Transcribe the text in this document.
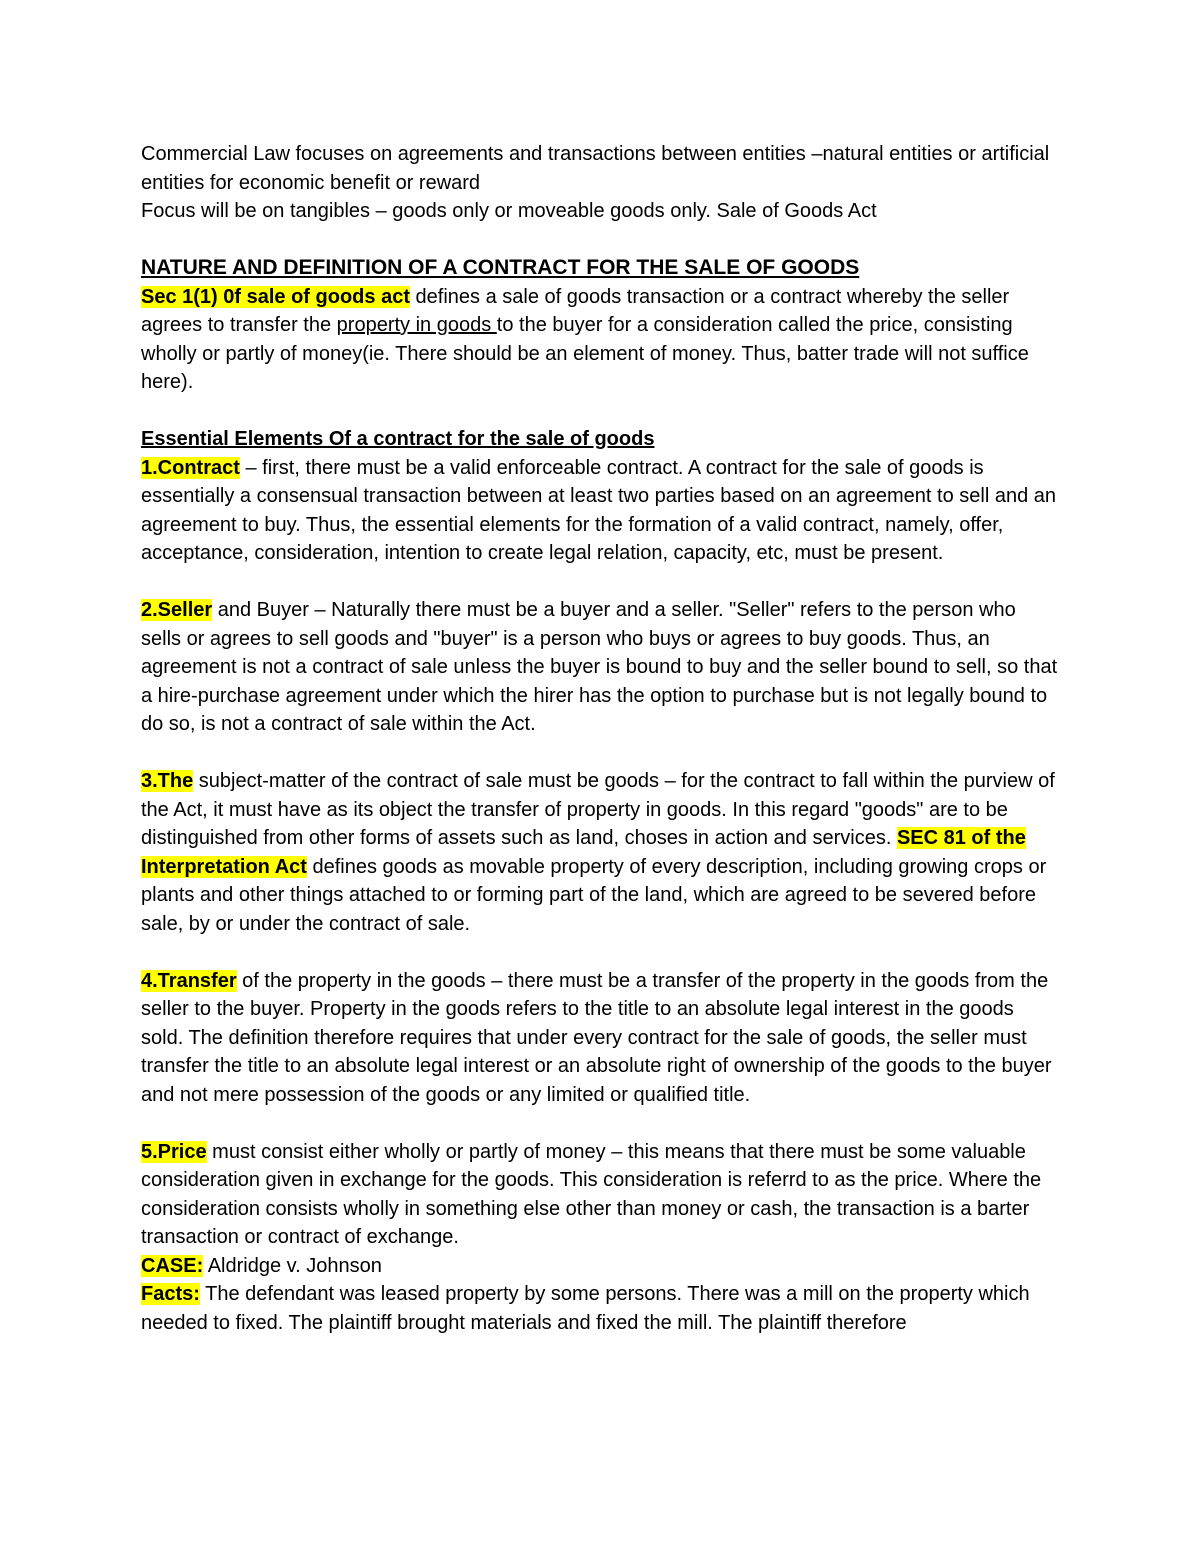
Commercial Law focuses on agreements and transactions between entities –natural entities or artificial entities for economic benefit or reward

Focus will be on tangibles – goods only or moveable goods only. Sale of Goods Act

NATURE AND DEFINITION OF A CONTRACT FOR THE SALE OF GOODS

Sec 1(1) 0f sale of goods act defines a sale of goods transaction or a contract whereby the seller agrees to transfer the property in goods to the buyer for a consideration called the price, consisting wholly or partly of money(ie. There should be an element of money. Thus, batter trade will not suffice here).

Essential Elements Of a contract for the sale of goods

1.Contract – first, there must be a valid enforceable contract. A contract for the sale of goods is essentially a consensual transaction between at least two parties based on an agreement to sell and an agreement to buy. Thus, the essential elements for the formation of a valid contract, namely, offer, acceptance, consideration, intention to create legal relation, capacity, etc, must be present.

2.Seller and Buyer – Naturally there must be a buyer and a seller. "Seller" refers to the person who sells or agrees to sell goods and "buyer" is a person who buys or agrees to buy goods. Thus, an agreement is not a contract of sale unless the buyer is bound to buy and the seller bound to sell, so that a hire-purchase agreement under which the hirer has the option to purchase but is not legally bound to do so, is not a contract of sale within the Act.

3.The subject-matter of the contract of sale must be goods – for the contract to fall within the purview of the Act, it must have as its object the transfer of property in goods. In this regard "goods" are to be distinguished from other forms of assets such as land, choses in action and services. SEC 81 of the Interpretation Act defines goods as movable property of every description, including growing crops or plants and other things attached to or forming part of the land, which are agreed to be severed before sale, by or under the contract of sale.

4.Transfer of the property in the goods – there must be a transfer of the property in the goods from the seller to the buyer. Property in the goods refers to the title to an absolute legal interest in the goods sold. The definition therefore requires that under every contract for the sale of goods, the seller must transfer the title to an absolute legal interest or an absolute right of ownership of the goods to the buyer and not mere possession of the goods or any limited or qualified title.

5.Price must consist either wholly or partly of money – this means that there must be some valuable consideration given in exchange for the goods. This consideration is referrd to as the price. Where the consideration consists wholly in something else other than money or cash, the transaction is a barter transaction or contract of exchange.

CASE: Aldridge v. Johnson

Facts: The defendant was leased property by some persons. There was a mill on the property which needed to fixed. The plaintiff brought materials and fixed the mill. The plaintiff therefore
